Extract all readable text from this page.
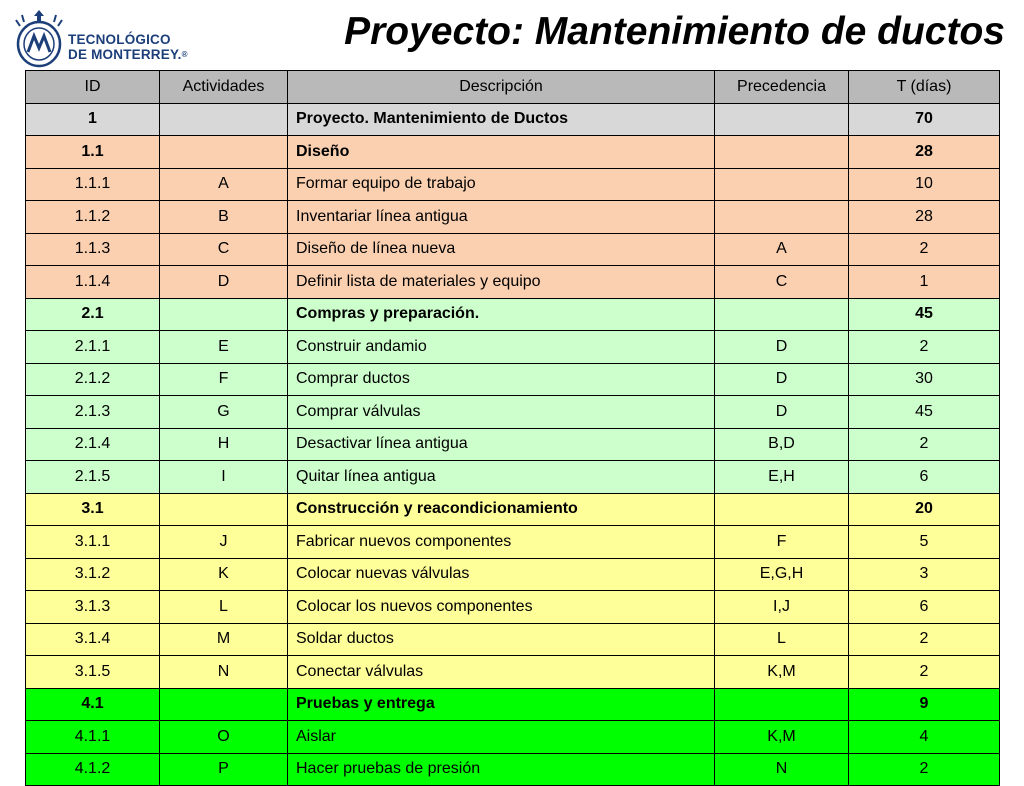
TECNOLÓGICO
DE MONTERREY.®
Proyecto: Mantenimiento de ductos
ID	Actividades	Descripción	Precedencia	T (días)
1		Proyecto. Mantenimiento de Ductos		70
1.1		Diseño		28
1.1.1	A	Formar equipo de trabajo		10
1.1.2	B	Inventariar línea antigua		28
1.1.3	C	Diseño de línea nueva	A	2
1.1.4	D	Definir lista de materiales y equipo	C	1
2.1		Compras y preparación.		45
2.1.1	E	Construir andamio	D	2
2.1.2	F	Comprar ductos	D	30
2.1.3	G	Comprar válvulas	D	45
2.1.4	H	Desactivar línea antigua	B,D	2
2.1.5	I	Quitar línea antigua	E,H	6
3.1		Construcción y reacondicionamiento		20
3.1.1	J	Fabricar nuevos componentes	F	5
3.1.2	K	Colocar nuevas válvulas	E,G,H	3
3.1.3	L	Colocar los nuevos componentes	I,J	6
3.1.4	M	Soldar ductos	L	2
3.1.5	N	Conectar válvulas	K,M	2
4.1		Pruebas y entrega		9
4.1.1	O	Aislar	K,M	4
4.1.2	P	Hacer pruebas de presión	N	2
